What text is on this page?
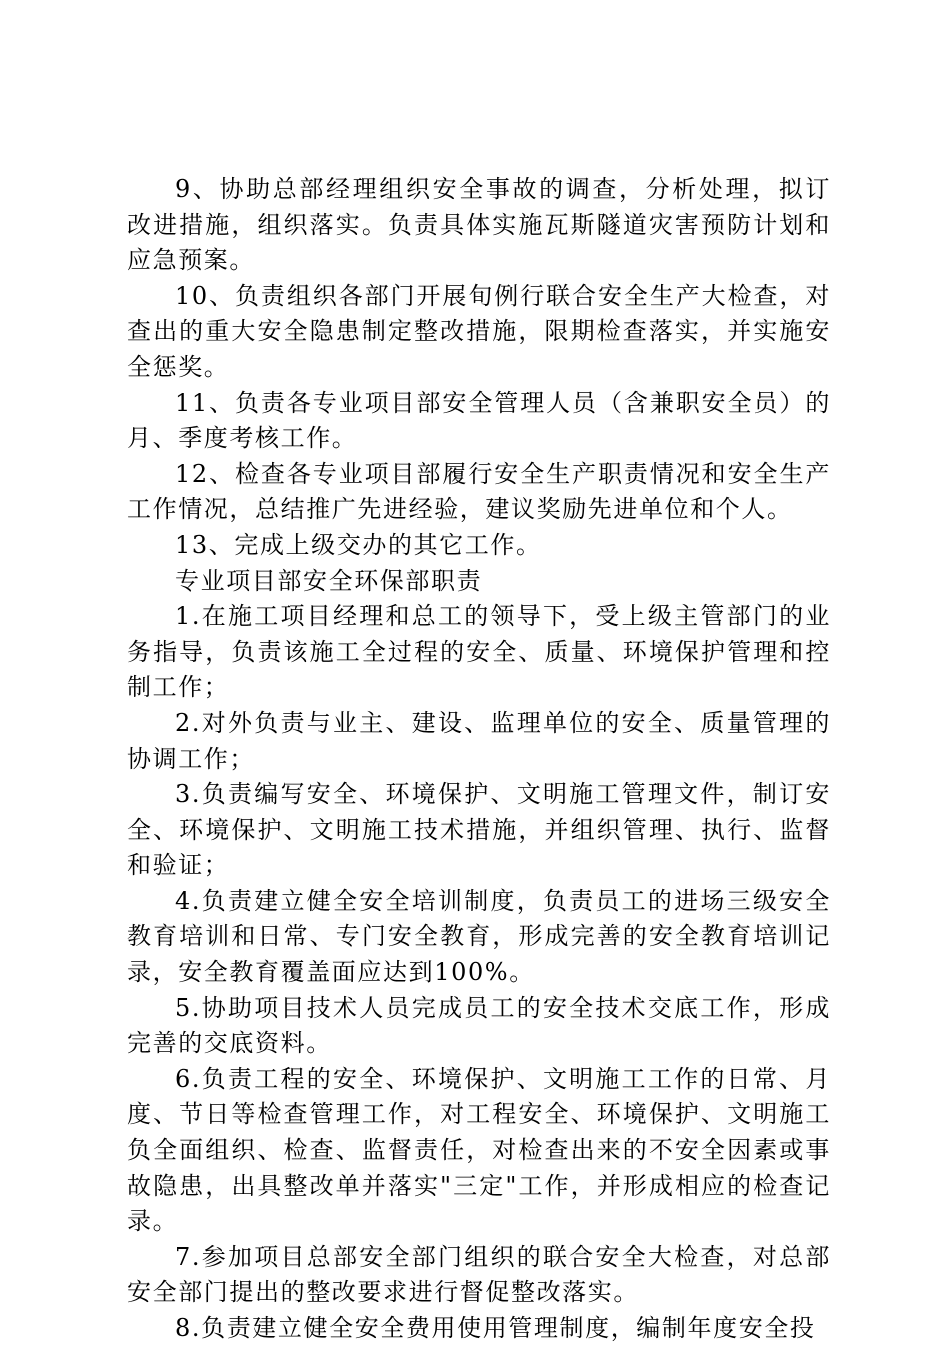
9、协助总部经理组织安全事故的调查，分析处理，拟订改进措施，组织落实。负责具体实施瓦斯隧道灾害预防计划和应急预案。

10、负责组织各部门开展旬例行联合安全生产大检查，对查出的重大安全隐患制定整改措施，限期检查落实，并实施安全惩奖。

11、负责各专业项目部安全管理人员（含兼职安全员）的月、季度考核工作。

12、检查各专业项目部履行安全生产职责情况和安全生产工作情况，总结推广先进经验，建议奖励先进单位和个人。

13、完成上级交办的其它工作。

专业项目部安全环保部职责

1.在施工项目经理和总工的领导下，受上级主管部门的业务指导，负责该施工全过程的安全、质量、环境保护管理和控制工作；

2.对外负责与业主、建设、监理单位的安全、质量管理的协调工作；

3.负责编写安全、环境保护、文明施工管理文件，制订安全、环境保护、文明施工技术措施，并组织管理、执行、监督和验证；

4.负责建立健全安全培训制度，负责员工的进场三级安全教育培训和日常、专门安全教育，形成完善的安全教育培训记录，安全教育覆盖面应达到100%。

5.协助项目技术人员完成员工的安全技术交底工作，形成完善的交底资料。

6.负责工程的安全、环境保护、文明施工工作的日常、月度、节日等检查管理工作，对工程安全、环境保护、文明施工负全面组织、检查、监督责任，对检查出来的不安全因素或事故隐患，出具整改单并落实"三定"工作，并形成相应的检查记录。

7.参加项目总部安全部门组织的联合安全大检查，对总部安全部门提出的整改要求进行督促整改落实。

8.负责建立健全安全费用使用管理制度，编制年度安全投
